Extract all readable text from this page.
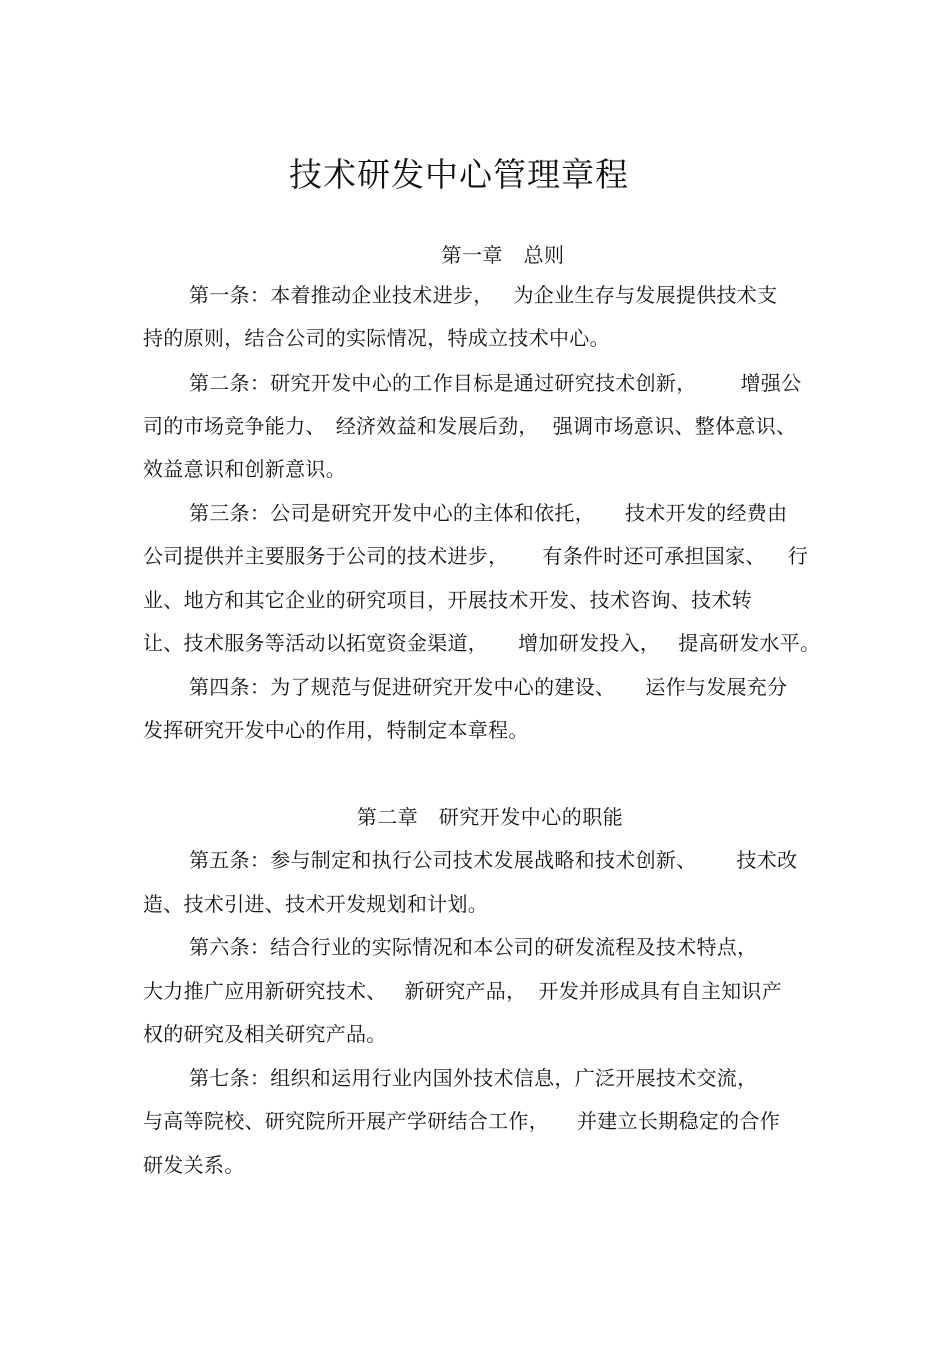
技术研发中心管理章程
第一章　总则
第一条：本着推动企业技术进步， 为企业生存与发展提供技术支
持的原则，结合公司的实际情况，特成立技术中心。
第二条：研究开发中心的工作目标是通过研究技术创新， 增强公
司的市场竞争能力、 经济效益和发展后劲， 强调市场意识、整体意识、
效益意识和创新意识。
第三条：公司是研究开发中心的主体和依托， 技术开发的经费由
公司提供并主要服务于公司的技术进步， 有条件时还可承担国家、 行
业、地方和其它企业的研究项目，开展技术开发、技术咨询、技术转
让、技术服务等活动以拓宽资金渠道， 增加研发投入， 提高研发水平。
第四条：为了规范与促进研究开发中心的建设、 运作与发展充分
发挥研究开发中心的作用，特制定本章程。
第二章　研究开发中心的职能
第五条：参与制定和执行公司技术发展战略和技术创新、 技术改
造、技术引进、技术开发规划和计划。
第六条：结合行业的实际情况和本公司的研发流程及技术特点，
大力推广应用新研究技术、 新研究产品， 开发并形成具有自主知识产
权的研究及相关研究产品。
第七条：组织和运用行业内国外技术信息，广泛开展技术交流，
与高等院校、研究院所开展产学研结合工作， 并建立长期稳定的合作
研发关系。
